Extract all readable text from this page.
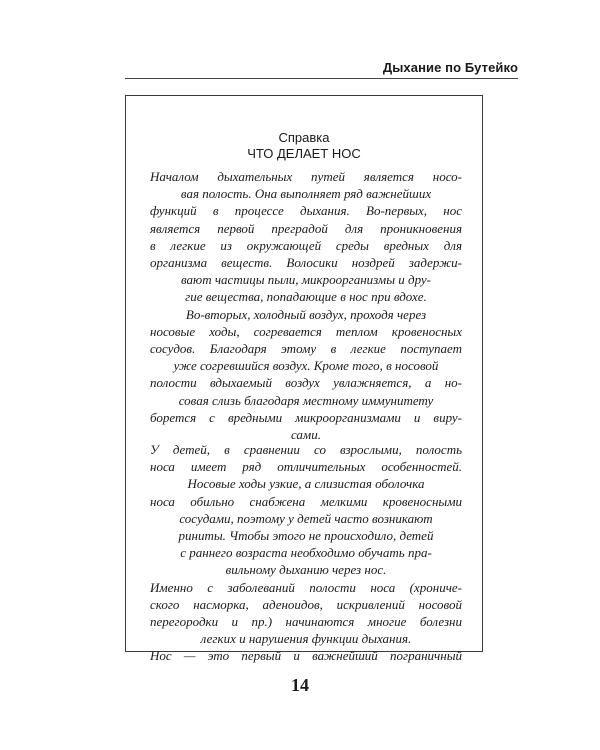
Дыхание по Бутейко
Справка
ЧТО ДЕЛАЕТ НОС
Началом дыхательных путей является носо-
вая полость. Она выполняет ряд важнейших
функций в процессе дыхания. Во-первых, нос
является первой преградой для проникновения
в легкие из окружающей среды вредных для
организма веществ. Волосики ноздрей задержи-
вают частицы пыли, микроорганизмы и дру-
гие вещества, попадающие в нос при вдохе.
Во-вторых, холодный воздух, проходя через
носовые ходы, согревается теплом кровеносных
сосудов. Благодаря этому в легкие поступает
уже согревшийся воздух. Кроме того, в носовой
полости вдыхаемый воздух увлажняется, а но-
совая слизь благодаря местному иммунитету
борется с вредными микроорганизмами и виру-
сами.
У детей, в сравнении со взрослыми, полость
носа имеет ряд отличительных особенностей.
Носовые ходы узкие, а слизистая оболочка
носа обильно снабжена мелкими кровеносными
сосудами, поэтому у детей часто возникают
риниты. Чтобы этого не происходило, детей
с раннего возраста необходимо обучать пра-
вильному дыханию через нос.
Именно с заболеваний полости носа (хрониче-
ского насморка, аденоидов, искривлений носовой
перегородки и пр.) начинаются многие болезни
легких и нарушения функции дыхания.
Нос — это первый и важнейший пограничный
14
